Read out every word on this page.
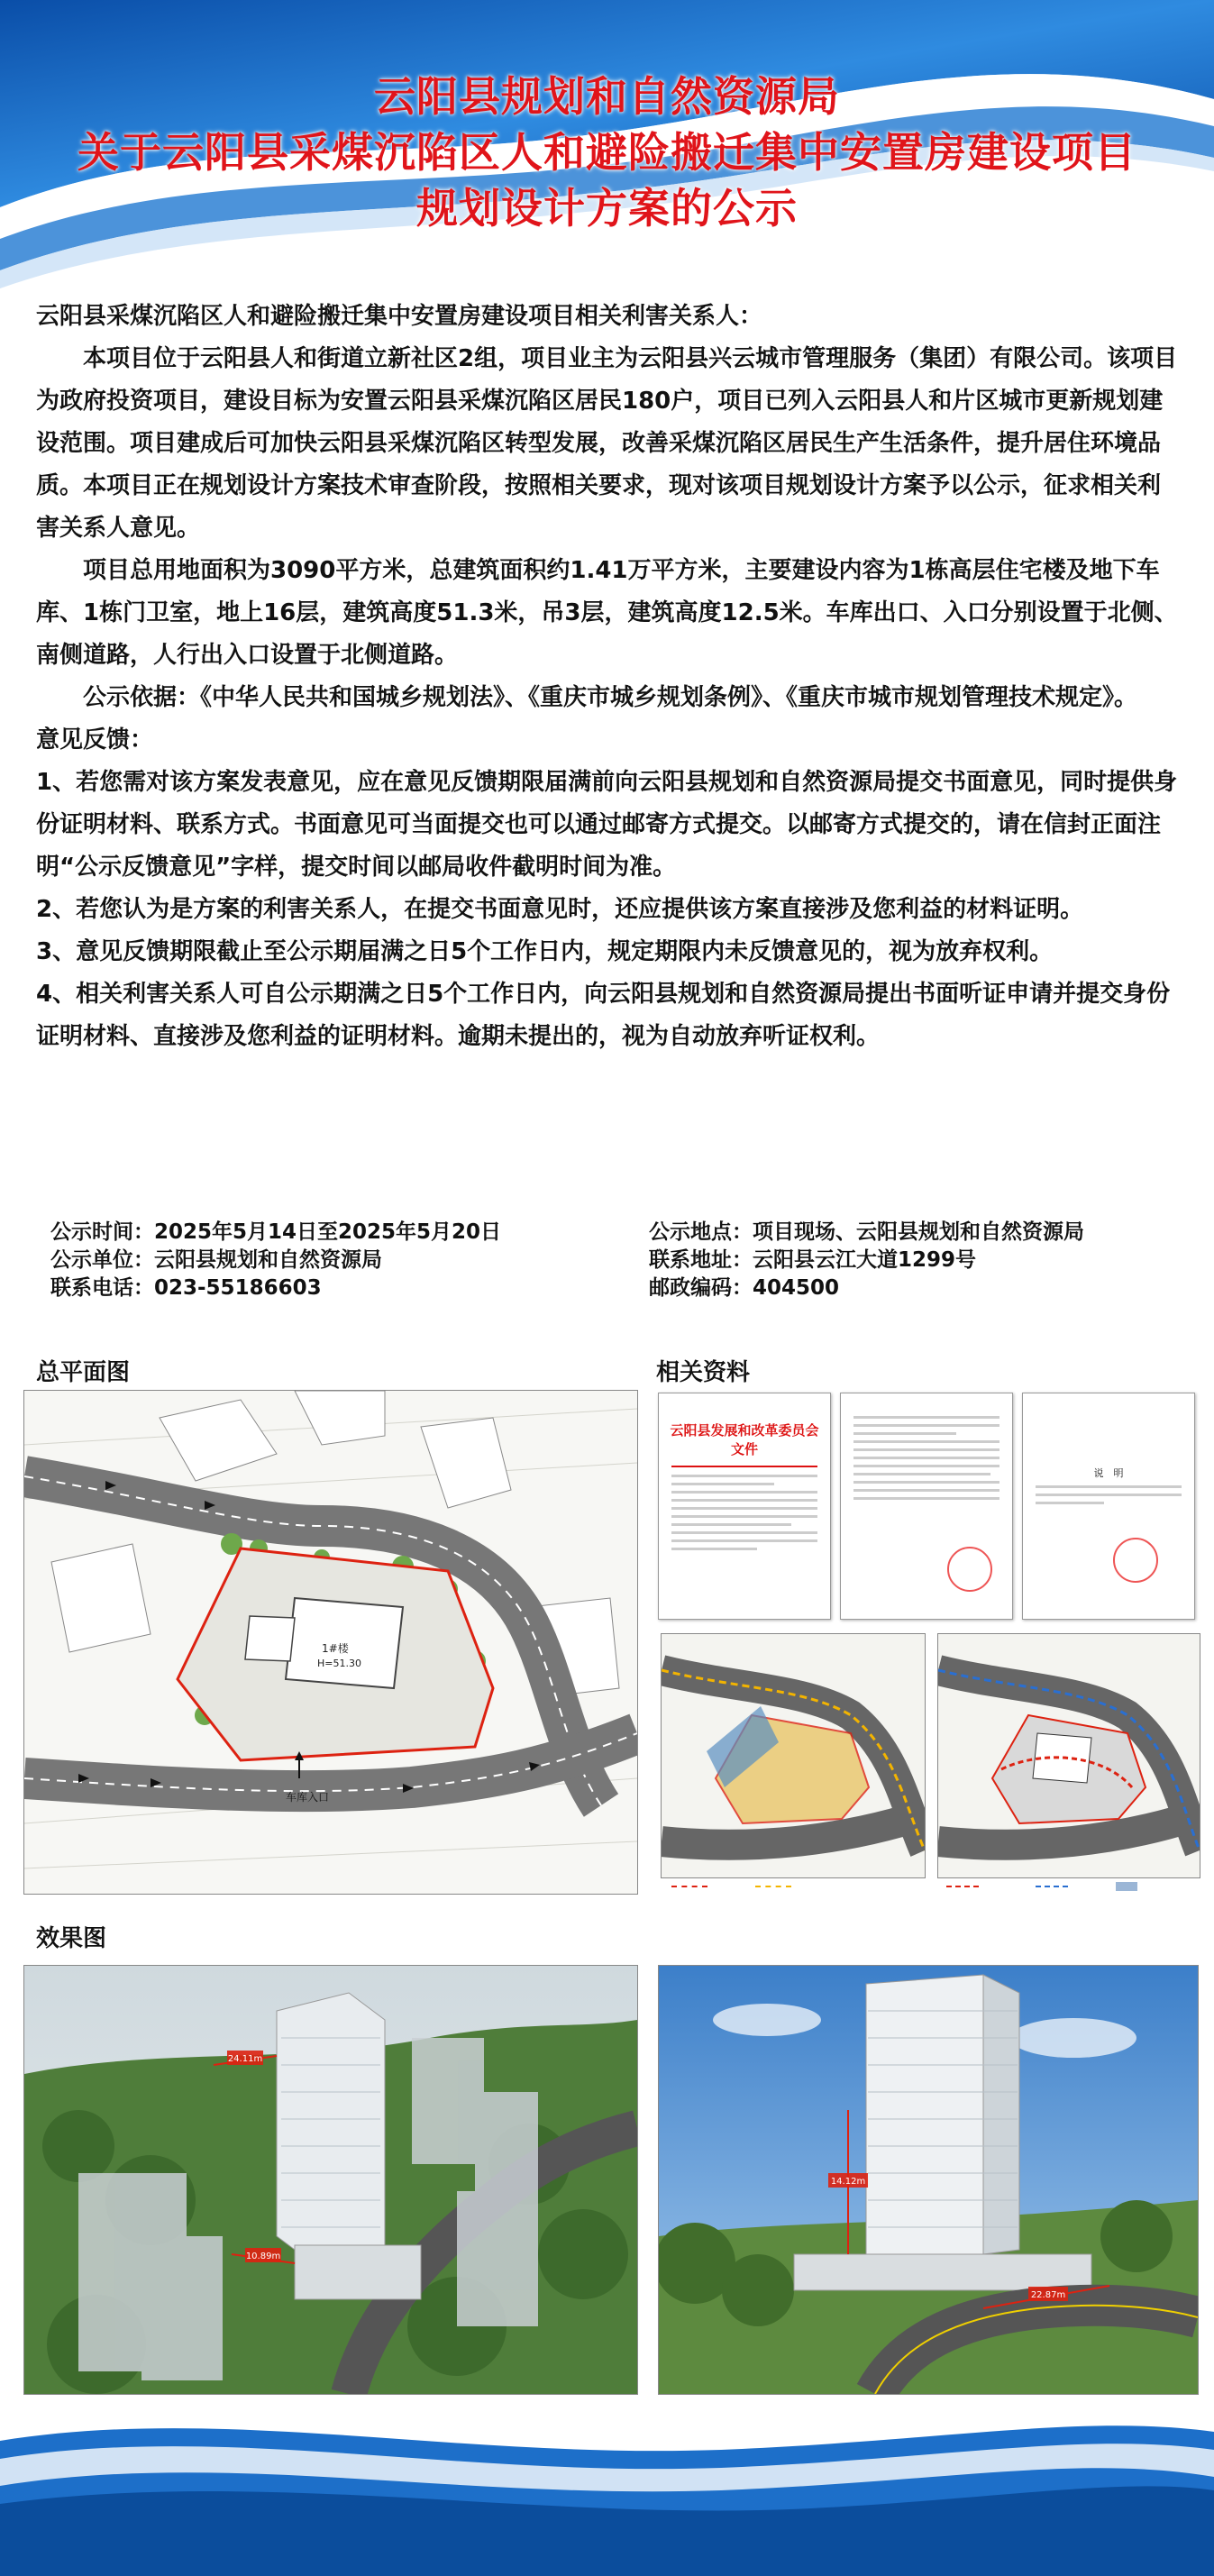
云阳县规划和自然资源局
关于云阳县采煤沉陷区人和避险搬迁集中安置房建设项目
规划设计方案的公示

云阳县采煤沉陷区人和避险搬迁集中安置房建设项目相关利害关系人：

本项目位于云阳县人和街道立新社区2组，项目业主为云阳县兴云城市管理服务（集团）有限公司。该项目为政府投资项目，建设目标为安置云阳县采煤沉陷区居民180户，项目已列入云阳县人和片区城市更新规划建设范围。项目建成后可加快云阳县采煤沉陷区转型发展，改善采煤沉陷区居民生产生活条件，提升居住环境品质。本项目正在规划设计方案技术审查阶段，按照相关要求，现对该项目规划设计方案予以公示，征求相关利害关系人意见。

项目总用地面积为3090平方米，总建筑面积约1.41万平方米，主要建设内容为1栋高层住宅楼及地下车库、1栋门卫室，地上16层，建筑高度51.3米，吊3层，建筑高度12.5米。车库出口、入口分别设置于北侧、南侧道路，人行出入口设置于北侧道路。

公示依据：《中华人民共和国城乡规划法》、《重庆市城乡规划条例》、《重庆市城市规划管理技术规定》。

意见反馈：

1、若您需对该方案发表意见，应在意见反馈期限届满前向云阳县规划和自然资源局提交书面意见，同时提供身份证明材料、联系方式。书面意见可当面提交也可以通过邮寄方式提交。以邮寄方式提交的，请在信封正面注明“公示反馈意见”字样，提交时间以邮局收件截明时间为准。

2、若您认为是方案的利害关系人，在提交书面意见时，还应提供该方案直接涉及您利益的材料证明。

3、意见反馈期限截止至公示期届满之日5个工作日内，规定期限内未反馈意见的，视为放弃权利。

4、相关利害关系人可自公示期满之日5个工作日内，向云阳县规划和自然资源局提出书面听证申请并提交身份证明材料、直接涉及您利益的证明材料。逾期未提出的，视为自动放弃听证权利。

公示时间：2025年5月14日至2025年5月20日
公示单位：云阳县规划和自然资源局
联系电话：023-55186603
公示地点：项目现场、云阳县规划和自然资源局
联系地址：云阳县云江大道1299号
邮政编码：404500
总平面图	相关资料
效果图
1#楼
H=51.30
车库入口
云阳县发展和改革委员会文件
说　明

24.11m
10.89m
14.12m
22.87m
